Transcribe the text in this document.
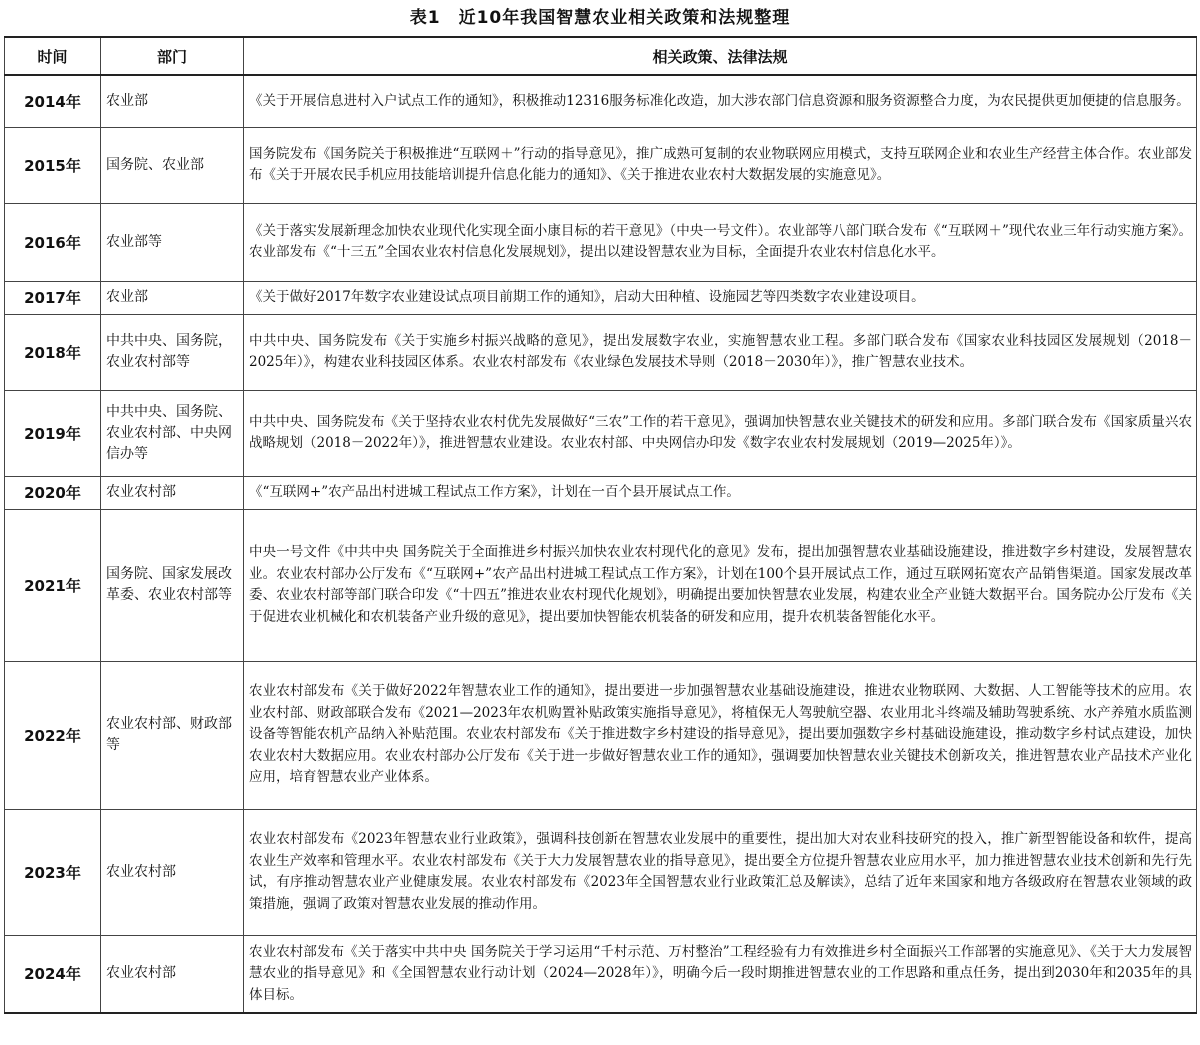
表1　近10年我国智慧农业相关政策和法规整理
时间	部门	相关政策、法律法规
2014年	农业部	《关于开展信息进村入户试点工作的通知》，积极推动12316服务标准化改造，加大涉农部门信息资源和服务资源整合力度，为农民提供更加便捷的信息服务。
2015年	国务院、农业部	国务院发布《国务院关于积极推进“互联网＋”行动的指导意见》，推广成熟可复制的农业物联网应用模式，支持互联网企业和农业生产经营主体合作。农业部发布《关于开展农民手机应用技能培训提升信息化能力的通知》、《关于推进农业农村大数据发展的实施意见》。
2016年	农业部等	《关于落实发展新理念加快农业现代化实现全面小康目标的若干意见》（中央一号文件）。农业部等八部门联合发布《“互联网＋”现代农业三年行动实施方案》。农业部发布《“十三五”全国农业农村信息化发展规划》，提出以建设智慧农业为目标，全面提升农业农村信息化水平。
2017年	农业部	《关于做好2017年数字农业建设试点项目前期工作的通知》，启动大田种植、设施园艺等四类数字农业建设项目。
2018年	中共中央、国务院，农业农村部等	中共中央、国务院发布《关于实施乡村振兴战略的意见》，提出发展数字农业，实施智慧农业工程。多部门联合发布《国家农业科技园区发展规划（2018－2025年）》，构建农业科技园区体系。农业农村部发布《农业绿色发展技术导则（2018－2030年）》，推广智慧农业技术。
2019年	中共中央、国务院、农业农村部、中央网信办等	中共中央、国务院发布《关于坚持农业农村优先发展做好“三农”工作的若干意见》，强调加快智慧农业关键技术的研发和应用。多部门联合发布《国家质量兴农战略规划（2018－2022年）》，推进智慧农业建设。农业农村部、中央网信办印发《数字农业农村发展规划（2019—2025年）》。
2020年	农业农村部	《“互联网+”农产品出村进城工程试点工作方案》，计划在一百个县开展试点工作。
2021年	国务院、国家发展改革委、农业农村部等	中央一号文件《中共中央 国务院关于全面推进乡村振兴加快农业农村现代化的意见》发布，提出加强智慧农业基础设施建设，推进数字乡村建设，发展智慧农业。农业农村部办公厅发布《“互联网+”农产品出村进城工程试点工作方案》，计划在100个县开展试点工作，通过互联网拓宽农产品销售渠道。国家发展改革委、农业农村部等部门联合印发《“十四五”推进农业农村现代化规划》，明确提出要加快智慧农业发展，构建农业全产业链大数据平台。国务院办公厅发布《关于促进农业机械化和农机装备产业升级的意见》，提出要加快智能农机装备的研发和应用，提升农机装备智能化水平。
2022年	农业农村部、财政部等	农业农村部发布《关于做好2022年智慧农业工作的通知》，提出要进一步加强智慧农业基础设施建设，推进农业物联网、大数据、人工智能等技术的应用。农业农村部、财政部联合发布《2021—2023年农机购置补贴政策实施指导意见》，将植保无人驾驶航空器、农业用北斗终端及辅助驾驶系统、水产养殖水质监测设备等智能农机产品纳入补贴范围。农业农村部发布《关于推进数字乡村建设的指导意见》，提出要加强数字乡村基础设施建设，推动数字乡村试点建设，加快农业农村大数据应用。农业农村部办公厅发布《关于进一步做好智慧农业工作的通知》，强调要加快智慧农业关键技术创新攻关，推进智慧农业产品技术产业化应用，培育智慧农业产业体系。
2023年	农业农村部	农业农村部发布《2023年智慧农业行业政策》，强调科技创新在智慧农业发展中的重要性，提出加大对农业科技研究的投入，推广新型智能设备和软件，提高农业生产效率和管理水平。农业农村部发布《关于大力发展智慧农业的指导意见》，提出要全方位提升智慧农业应用水平，加力推进智慧农业技术创新和先行先试，有序推动智慧农业产业健康发展。农业农村部发布《2023年全国智慧农业行业政策汇总及解读》，总结了近年来国家和地方各级政府在智慧农业领域的政策措施，强调了政策对智慧农业发展的推动作用。
2024年	农业农村部	农业农村部发布《关于落实中共中央 国务院关于学习运用“千村示范、万村整治”工程经验有力有效推进乡村全面振兴工作部署的实施意见》、《关于大力发展智慧农业的指导意见》和《全国智慧农业行动计划（2024—2028年）》，明确今后一段时期推进智慧农业的工作思路和重点任务，提出到2030年和2035年的具体目标。
